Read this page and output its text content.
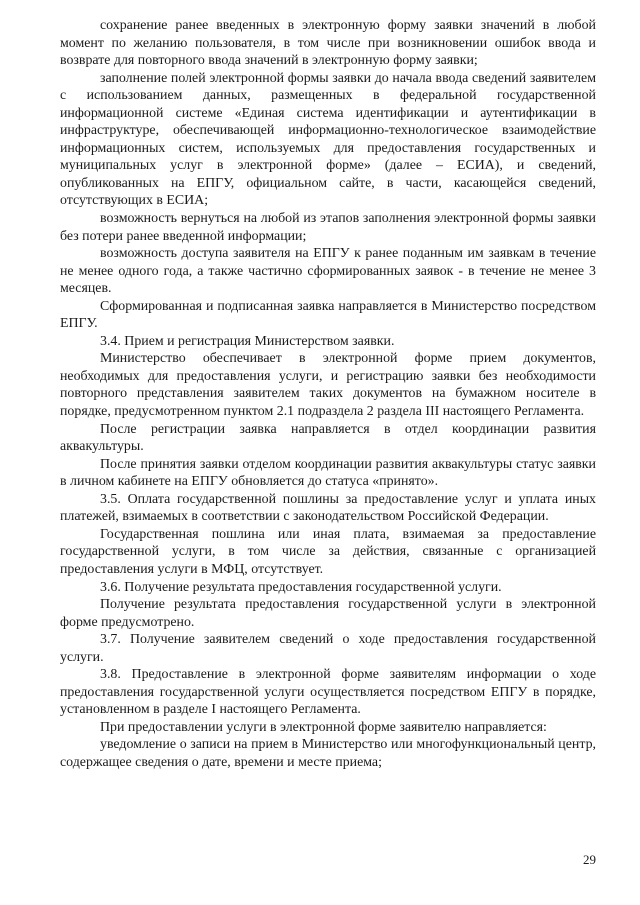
сохранение ранее введенных в электронную форму заявки значений в любой момент по желанию пользователя, в том числе при возникновении ошибок ввода и возврате для повторного ввода значений в электронную форму заявки;

заполнение полей электронной формы заявки до начала ввода сведений заявителем с использованием данных, размещенных в федеральной государственной информационной системе «Единая система идентификации и аутентификации в инфраструктуре, обеспечивающей информационно-технологическое взаимодействие информационных систем, используемых для предоставления государственных и муниципальных услуг в электронной форме» (далее – ЕСИА), и сведений, опубликованных на ЕПГУ, официальном сайте, в части, касающейся сведений, отсутствующих в ЕСИА;

возможность вернуться на любой из этапов заполнения электронной формы заявки без потери ранее введенной информации;

возможность доступа заявителя на ЕПГУ к ранее поданным им заявкам в течение не менее одного года, а также частично сформированных заявок - в течение не менее 3 месяцев.

Сформированная и подписанная заявка направляется в Министерство посредством ЕПГУ.

3.4. Прием и регистрация Министерством заявки.

Министерство обеспечивает в электронной форме прием документов, необходимых для предоставления услуги, и регистрацию заявки без необходимости повторного представления заявителем таких документов на бумажном носителе в порядке, предусмотренном пунктом 2.1 подраздела 2 раздела III настоящего Регламента.

После регистрации заявка направляется в отдел координации развития аквакультуры.

После принятия заявки отделом координации развития аквакультуры статус заявки в личном кабинете на ЕПГУ обновляется до статуса «принято».

3.5. Оплата государственной пошлины за предоставление услуг и уплата иных платежей, взимаемых в соответствии с законодательством Российской Федерации.

Государственная пошлина или иная плата, взимаемая за предоставление государственной услуги, в том числе за действия, связанные с организацией предоставления услуги в МФЦ, отсутствует.

3.6. Получение результата предоставления государственной услуги.

Получение результата предоставления государственной услуги в электронной форме предусмотрено.

3.7. Получение заявителем сведений о ходе предоставления государственной услуги.

3.8. Предоставление в электронной форме заявителям информации о ходе предоставления государственной услуги осуществляется посредством ЕПГУ в порядке, установленном в разделе I настоящего Регламента.

При предоставлении услуги в электронной форме заявителю направляется:

уведомление о записи на прием в Министерство или многофункциональный центр, содержащее сведения о дате, времени и месте приема;

29
